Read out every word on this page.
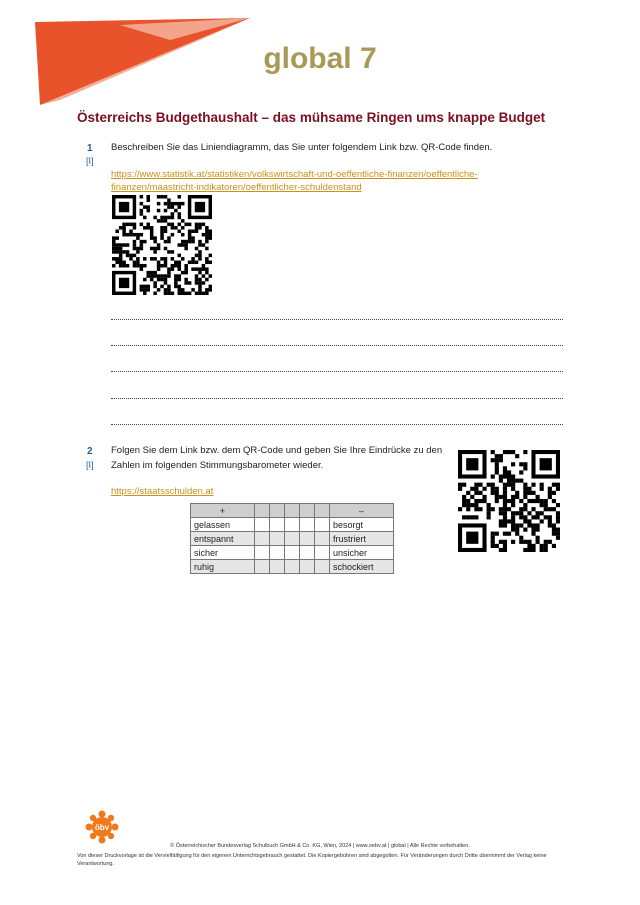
global 7
Österreichs Budgethaushalt – das mühsame Ringen ums knappe Budget
1
[I]
Beschreiben Sie das Liniendiagramm, das Sie unter folgendem Link bzw. QR-Code finden.
https://www.statistik.at/statistiken/volkswirtschaft-und-oeffentliche-finanzen/oeffentliche-
finanzen/maastricht-indikatoren/oeffentlicher-schuldenstand
2
[I]
Folgen Sie dem Link bzw. dem QR-Code und geben Sie Ihre Eindrücke zu den
Zahlen im folgenden Stimmungsbarometer wieder.
https://staatsschulden.at
+						–
gelassen						besorgt
entspannt						frustriert
sicher						unsicher
ruhig						schockiert
öbv
© Österreichischer Bundesverlag Schulbuch GmbH & Co. KG, Wien, 2024 | www.oebv.at | global | Alle Rechte vorbehalten.
Von dieser Druckvorlage ist die Vervielfältigung für den eigenen Unterrichtsgebrauch gestattet. Die Kopiergebühren sind abgegolten. Für Veränderungen durch Dritte übernimmt der Verlag keine Verantwortung.
